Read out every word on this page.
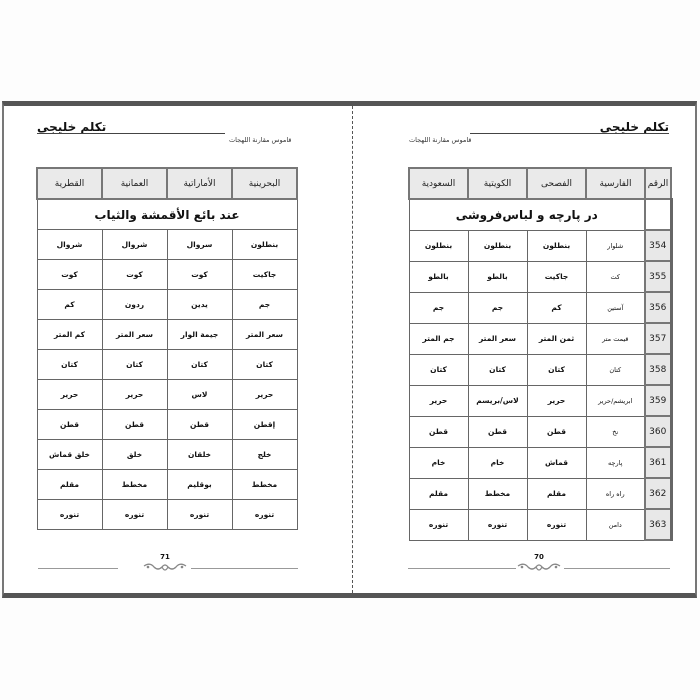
تكلم خليجي
قاموس مقارنة اللهجات
البحرينية	الأماراتية	العمانية	القطرية
عند بائع الأقمشة والثياب			
بنطلون	سروال	شروال	شروال
جاكيت	كوت	كوت	كوت
جم	يدين	ردون	كم
سعر المتر	جيمة الوار	سعر المتر	كم المتر
كتان	كتان	كتان	كتان
حرير	لاس	حرير	حرير
إقطن	قطن	قطن	قطن
خلج	خلقان	خلق	خلق قماش
مخطط	بوقليم	مخطط	مقلم
تنوره	تنوره	تنوره	تنوره
71
تكلم خليجي
قاموس مقارنة اللهجات
الرقم	الفارسية	الفصحى	الكويتية	السعودية
	در پارچه و لباس‌فروشی			
354	شلوار	بنطلون	بنطلون	بنطلون
355	كت	جاكيت	بالطو	بالطو
356	آستين	كم	جم	جم
357	قيمت متر	ثمن المتر	سعر المتر	جم المتر
358	كتان	كتان	كتان	كتان
359	ابريشم/حرير	حرير	لاس/بريسم	حرير
360	نخ	قطن	قطن	قطن
361	پارچه	قماش	خام	خام
362	راه راه	مقلم	مخطط	مقلم
363	دامن	تنوره	تنوره	تنوره
70
